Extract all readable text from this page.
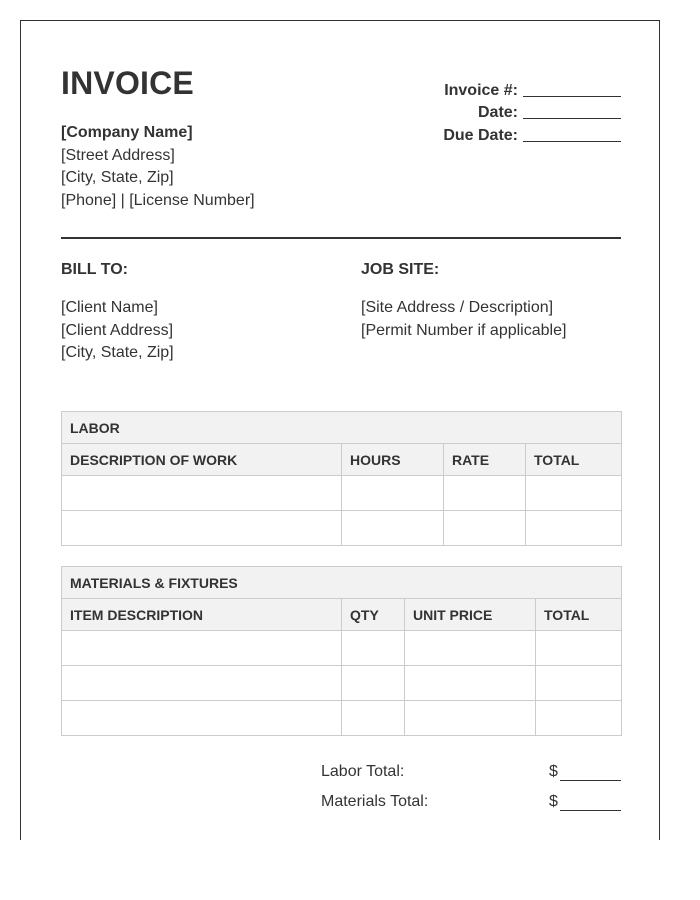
INVOICE
[Company Name]
[Street Address]
[City, State, Zip]
[Phone] | [License Number]
Invoice #:
Date:
Due Date:
BILL TO:	JOB SITE:
[Client Name]
[Client Address]
[City, State, Zip]
[Site Address / Description]
[Permit Number if applicable]
LABOR			
DESCRIPTION OF WORK	HOURS	RATE	TOTAL

MATERIALS & FIXTURES			
ITEM DESCRIPTION	QTY	UNIT PRICE	TOTAL

Labor Total:	$
Materials Total:	$
